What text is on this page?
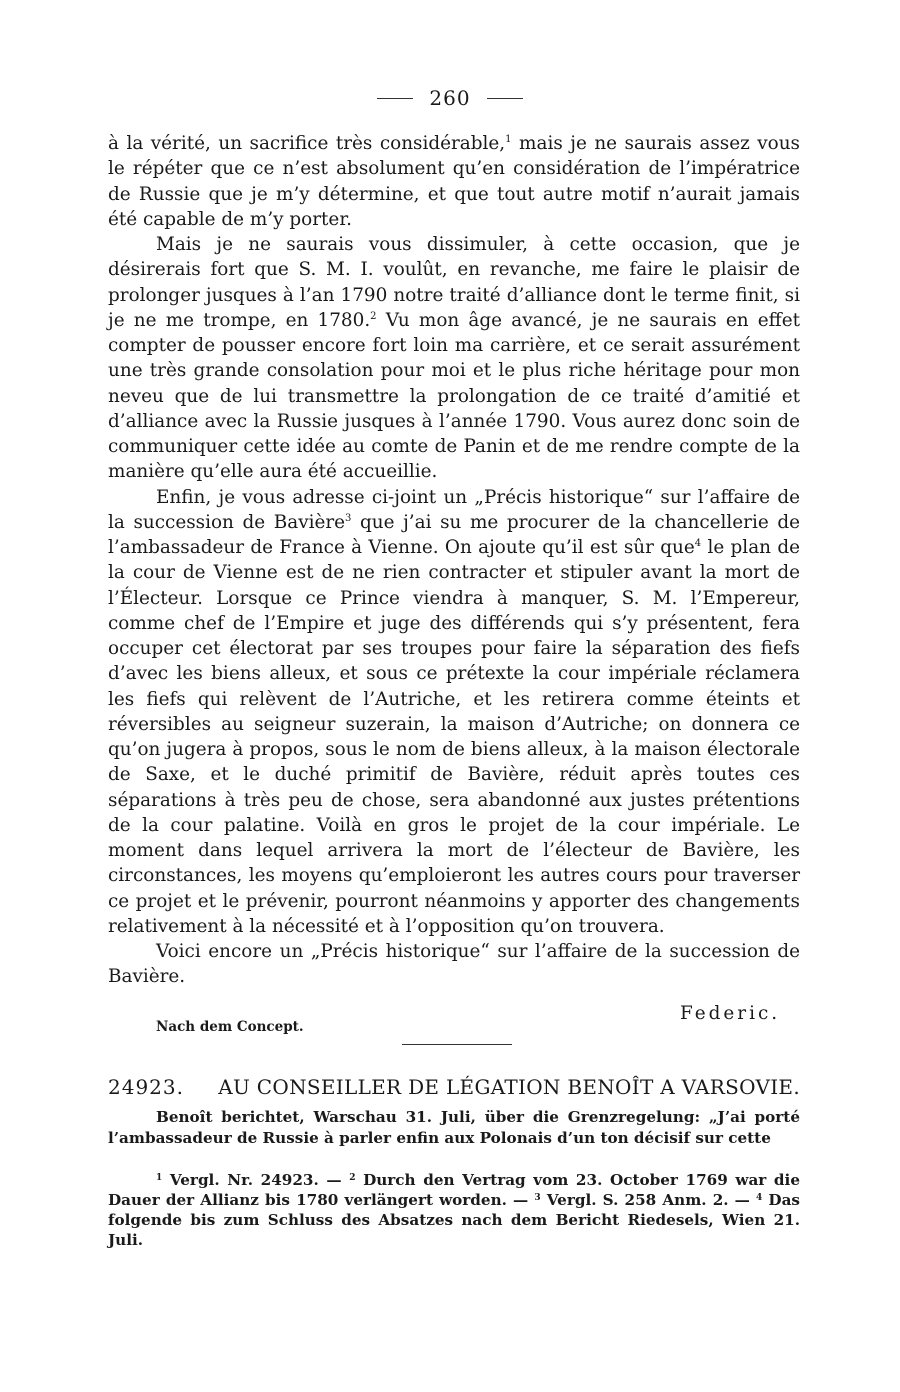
260

à la vérité, un sacrifice très considérable,$^1$ mais je ne saurais assez vous le répéter que ce n’est absolument qu’en considération de l’impératrice de Russie que je m’y détermine, et que tout autre motif n’aurait jamais été capable de m’y porter.

Mais je ne saurais vous dissimuler, à cette occasion, que je désirerais fort que S. M. I. voulût, en revanche, me faire le plaisir de prolonger jusques à l’an 1790 notre traité d’alliance dont le terme finit, si je ne me trompe, en 1780.$^2$ Vu mon âge avancé, je ne saurais en effet compter de pousser encore fort loin ma carrière, et ce serait assurément une très grande consolation pour moi et le plus riche héritage pour mon neveu que de lui transmettre la prolongation de ce traité d’amitié et d’alliance avec la Russie jusques à l’année 1790. Vous aurez donc soin de communiquer cette idée au comte de Panin et de me rendre compte de la manière qu’elle aura été accueillie.

Enfin, je vous adresse ci-joint un „Précis historique“ sur l’affaire de la succession de Bavière$^3$ que j’ai su me procurer de la chancellerie de l’ambassadeur de France à Vienne. On ajoute qu’il est sûr que$^4$ le plan de la cour de Vienne est de ne rien contracter et stipuler avant la mort de l’Électeur. Lorsque ce Prince viendra à manquer, S. M. l’Empereur, comme chef de l’Empire et juge des différends qui s’y présentent, fera occuper cet électorat par ses troupes pour faire la séparation des fiefs d’avec les biens alleux, et sous ce prétexte la cour impériale réclamera les fiefs qui relèvent de l’Autriche, et les retirera comme éteints et réversibles au seigneur suzerain, la maison d’Autriche; on donnera ce qu’on jugera à propos, sous le nom de biens alleux, à la maison électorale de Saxe, et le duché primitif de Bavière, réduit après toutes ces séparations à très peu de chose, sera abandonné aux justes prétentions de la cour palatine. Voilà en gros le projet de la cour impériale. Le moment dans lequel arrivera la mort de l’électeur de Bavière, les circonstances, les moyens qu’emploieront les autres cours pour traverser ce projet et le prévenir, pourront néanmoins y apporter des changements relativement à la nécessité et à l’opposition qu’on trouvera.

Voici encore un „Précis historique“ sur l’affaire de la succession de Bavière.

Federic.
Nach dem Concept.
24923. AU CONSEILLER DE LÉGATION BENOÎT A VARSOVIE.

Benoît berichtet, Warschau 31. Juli, über die Grenzregelung: „J’ai porté l’ambassadeur de Russie à parler enfin aux Polonais d’un ton décisif sur cette

$^1$ Vergl. Nr. 24923. — $^2$ Durch den Vertrag vom 23. October 1769 war die Dauer der Allianz bis 1780 verlängert worden. — $^3$ Vergl. S. 258 Anm. 2. — $^4$ Das folgende bis zum Schluss des Absatzes nach dem Bericht Riedesels, Wien 21. Juli.
